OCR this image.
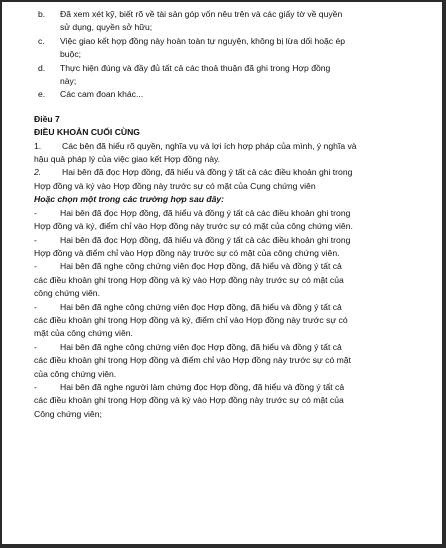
b. Đã xem xét kỹ, biết rõ về tài sản góp vốn nêu trên và các giấy tờ về quyền
sử dụng, quyền sở hữu;

c. Việc giao kết hợp đồng này hoàn toàn tự nguyện, không bị lừa dối hoặc ép
buộc;

d. Thực hiện đúng và đầy đủ tất cả các thoả thuận đã ghi trong Hợp đồng
này;

e. Các cam đoan khác...

Điều 7

ĐIỀU KHOẢN CUỐI CÙNG

1. Các bên đã hiểu rõ quyền, nghĩa vụ và lợi ích hợp pháp của mình, ý nghĩa và
hậu quả pháp lý của việc giao kết Hợp đồng này.

2. Hai bên đã đọc Hợp đồng, đã hiểu và đồng ý tất cả các điều khoản ghi trong
Hợp đồng và ký vào Hợp đồng này trước sự có mặt của Cụng chứng viên

Hoặc chọn một trong các trường hợp sau đây:

-	Hai bên đã đọc Hợp đồng, đã hiểu và đồng ý tất cả các điều khoản ghi trong
Hợp đồng và ký, điểm chỉ vào Hợp đồng này trước sự có mặt của công chứng viên.

-	Hai bên đã đọc Hợp đồng, đã hiểu và đồng ý tất cả các điều khoản ghi trong
Hợp đồng và điểm chỉ vào Hợp đồng này trước sự có mặt của công chứng viên.

-	Hai bên đã nghe công chứng viên đọc Hợp đồng, đã hiểu và đồng ý tất cả
các điều khoản ghi trong Hợp đồng và ký vào Hợp đồng này trước sự có mặt của
công chứng viên.

-	Hai bên đã nghe công chứng viên đọc Hợp đồng, đã hiểu và đồng ý tất cả
các điều khoản ghi trong Hợp đồng và ký, điểm chỉ vào Hợp đồng này trước sự có
mặt của công chứng viên.

-	Hai bên đã nghe công chứng viên đọc Hợp đồng, đã hiểu và đồng ý tất cả
các điều khoản ghi trong Hợp đồng và điểm chỉ vào Hợp đồng này trước sự có mặt
của công chứng viên.

-	Hai bên đã nghe người làm chứng đọc Hợp đồng, đã hiểu và đồng ý tất cả
các điều khoản ghi trong Hợp đồng và ký vào Hợp đồng này trước sự có mặt của
Công chứng viên;
